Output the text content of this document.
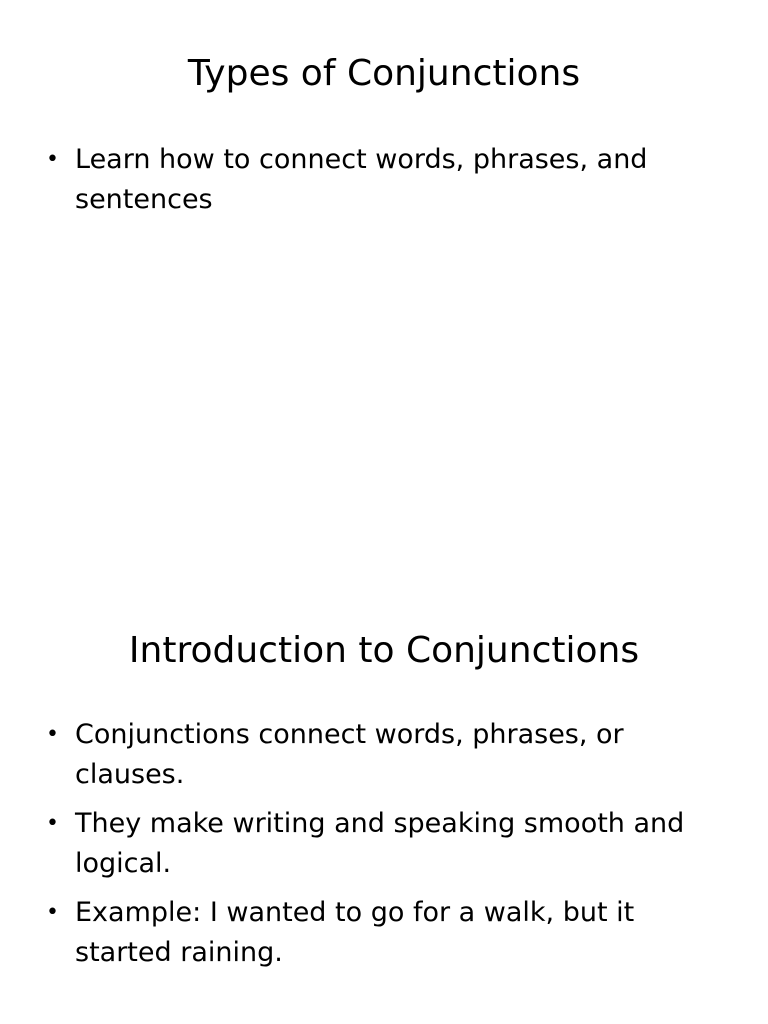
Types of Conjunctions
• Learn how to connect words, phrases, and sentences
Introduction to Conjunctions
• Conjunctions connect words, phrases, or clauses.
• They make writing and speaking smooth and logical.
• Example: I wanted to go for a walk, but it started raining.
